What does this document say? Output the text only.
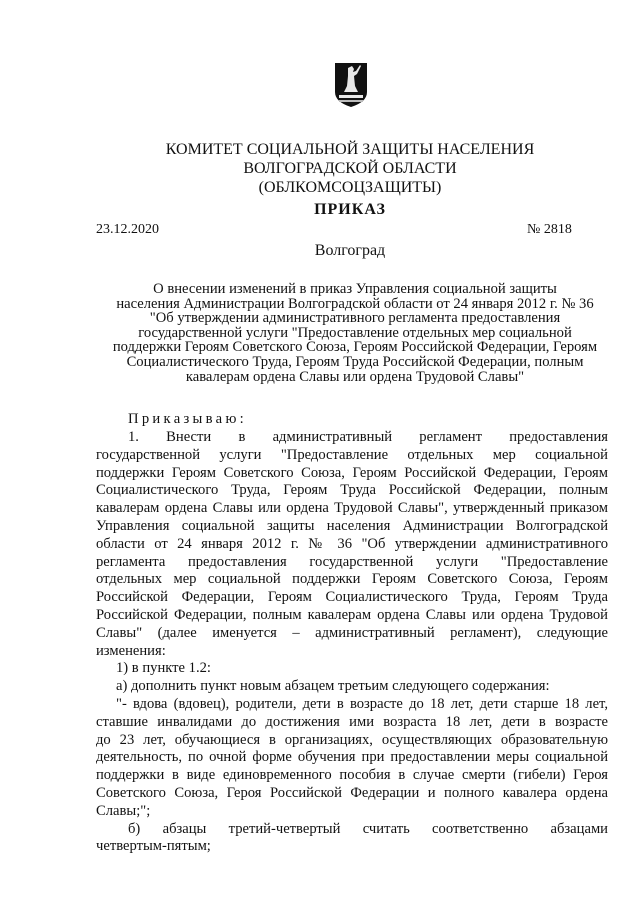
КОМИТЕТ СОЦИАЛЬНОЙ ЗАЩИТЫ НАСЕЛЕНИЯ
ВОЛГОГРАДСКОЙ ОБЛАСТИ
(ОБЛКОМСОЦЗАЩИТЫ)
ПРИКАЗ
23.12.2020	№ 2818
Волгоград
О внесении изменений в приказ Управления социальной защиты
населения Администрации Волгоградской области от 24 января 2012 г. № 36
"Об утверждении административного регламента предоставления
государственной услуги "Предоставление отдельных мер социальной
поддержки Героям Советского Союза, Героям Российской Федерации, Героям
Социалистического Труда, Героям Труда Российской Федерации, полным
кавалерам ордена Славы или ордена Трудовой Славы"
Приказываю:
1. Внести в административный регламент предоставления
государственной услуги "Предоставление отдельных мер социальной
поддержки Героям Советского Союза, Героям Российской Федерации, Героям
Социалистического Труда, Героям Труда Российской Федерации, полным
кавалерам ордена Славы или ордена Трудовой Славы", утвержденный приказом
Управления социальной защиты населения Администрации Волгоградской
области от 24 января 2012 г. № 36 "Об утверждении административного
регламента предоставления государственной услуги "Предоставление
отдельных мер социальной поддержки Героям Советского Союза, Героям
Российской Федерации, Героям Социалистического Труда, Героям Труда
Российской Федерации, полным кавалерам ордена Славы или ордена Трудовой
Славы" (далее именуется – административный регламент), следующие
изменения:
1) в пункте 1.2:
а) дополнить пункт новым абзацем третьим следующего содержания:
"- вдова (вдовец), родители, дети в возрасте до 18 лет, дети старше 18 лет,
ставшие инвалидами до достижения ими возраста 18 лет, дети в возрасте
до 23 лет, обучающиеся в организациях, осуществляющих образовательную
деятельность, по очной форме обучения при предоставлении меры социальной
поддержки в виде единовременного пособия в случае смерти (гибели) Героя
Советского Союза, Героя Российской Федерации и полного кавалера ордена
Славы;";
б) абзацы третий-четвертый считать соответственно абзацами
четвертым-пятым;
